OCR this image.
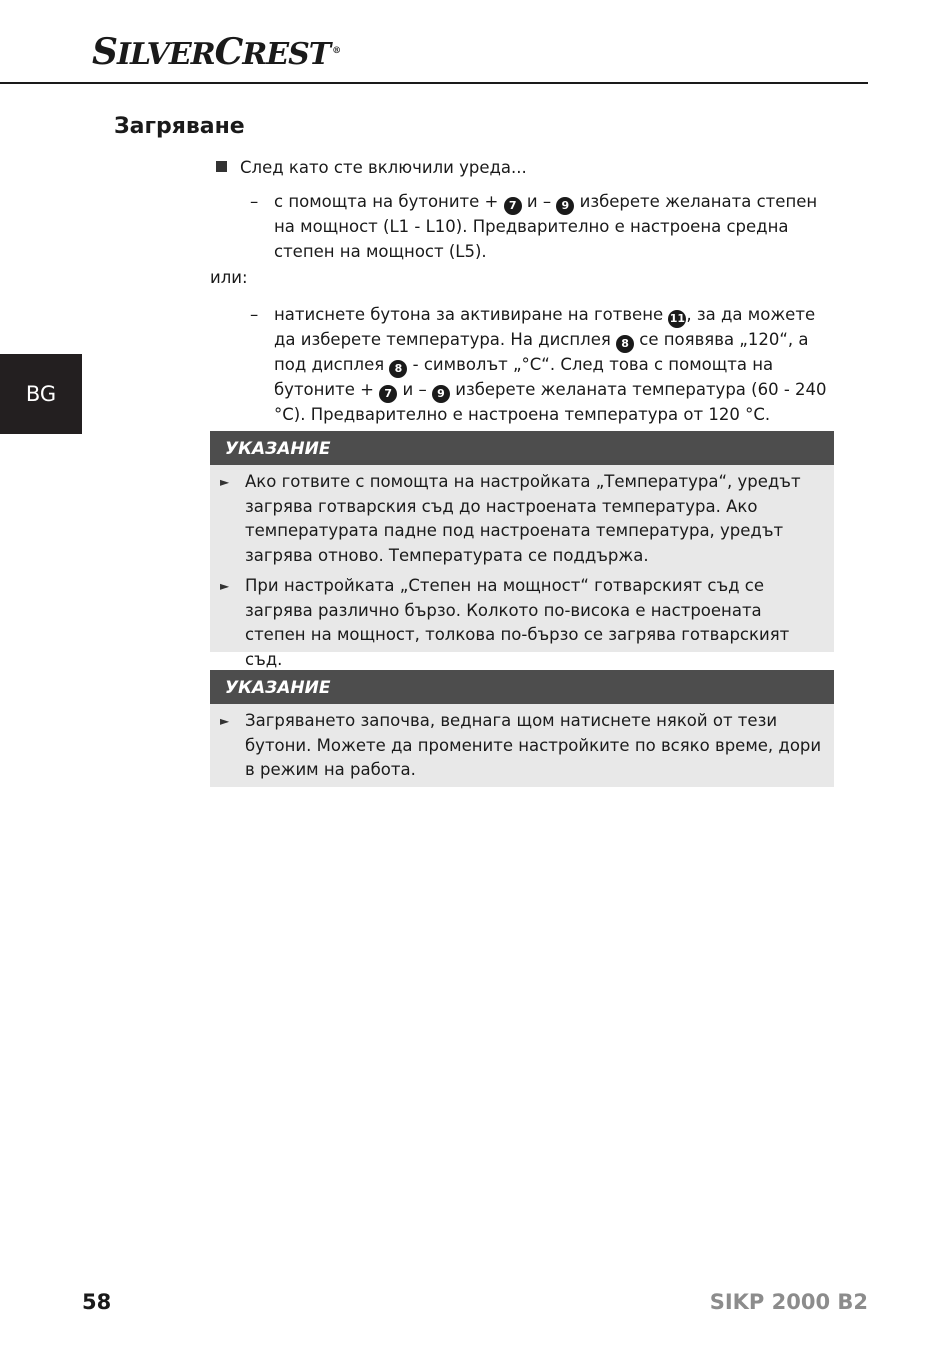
SILVERCREST ®
BG
Загряване
След като сте включили уреда...
– с помощта на бутоните + 7 и – 9 изберете желаната степен на мощност (L1 - L10). Предварително е настроена средна степен на мощност (L5).
или:
– натиснете бутона за активиране на готвене 11, за да можете да изберете температура. На дисплея 8 се появява „120“, а под дисплея 8 - символът „°C“. След това с помощта на бутоните + 7 и – 9 изберете желаната температура (60 - 240 °C). Предварително е настроена температура от 120 °C.
УКАЗАНИЕ
► Ако готвите с помощта на настройката „Температура“, уредът загрява готварския съд до настроената температура. Ако температурата падне под настроената температура, уредът загрява отново. Температурата се поддържа.
► При настройката „Степен на мощност“ готварският съд се загрява различно бързо. Колкото по-висока е настроената степен на мощност, толкова по-бързо се загрява готварският съд.
УКАЗАНИЕ
► Загряването започва, веднага щом натиснете някой от тези бутони. Можете да промените настройките по всяко време, дори в режим на работа.
58	SIKP 2000 B2
